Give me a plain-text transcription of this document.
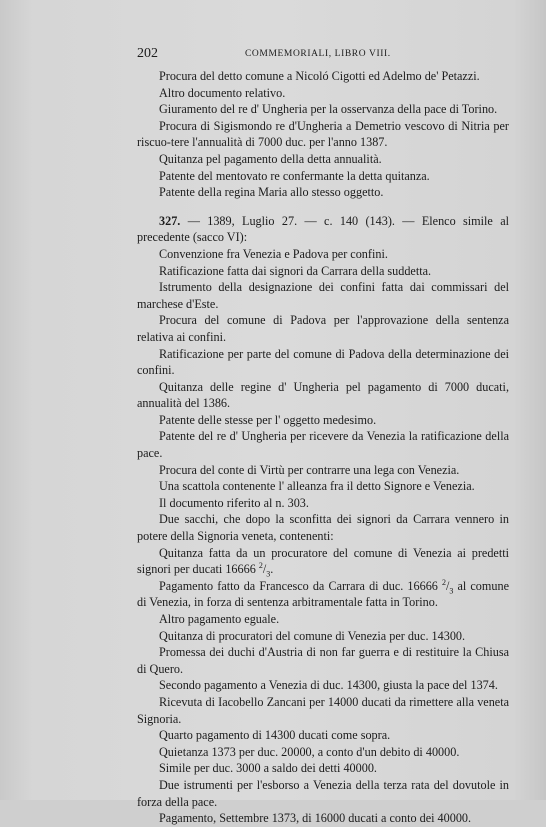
202	COMMEMORIALI, LIBRO VIII.

Procura del detto comune a Nicoló Cigotti ed Adelmo de' Petazzi.

Altro documento relativo.

Giuramento del re d' Ungheria per la osservanza della pace di Torino.

Procura di Sigismondo re d'Ungheria a Demetrio vescovo di Nitria per riscuo-tere l'annualità di 7000 duc. per l'anno 1387.

Quitanza pel pagamento della detta annualità.

Patente del mentovato re confermante la detta quitanza.

Patente della regina Maria allo stesso oggetto.

327. — 1389, Luglio 27. — c. 140 (143). — Elenco simile al precedente (sacco VI):

Convenzione fra Venezia e Padova per confini.

Ratificazione fatta dai signori da Carrara della suddetta.

Istrumento della designazione dei confini fatta dai commissari del marchese d'Este.

Procura del comune di Padova per l'approvazione della sentenza relativa ai confini.

Ratificazione per parte del comune di Padova della determinazione dei confini.

Quitanza delle regine d' Ungheria pel pagamento di 7000 ducati, annualità del 1386.

Patente delle stesse per l' oggetto medesimo.

Patente del re d' Ungheria per ricevere da Venezia la ratificazione della pace.

Procura del conte di Virtù per contrarre una lega con Venezia.

Una scattola contenente l' alleanza fra il detto Signore e Venezia.

Il documento riferito al n. 303.

Due sacchi, che dopo la sconfitta dei signori da Carrara vennero in potere della Signoria veneta, contenenti:

Quitanza fatta da un procuratore del comune di Venezia ai predetti signori per ducati 16666 $^2/_3$.

Pagamento fatto da Francesco da Carrara di duc. 16666 $^2/_3$ al comune di Venezia, in forza di sentenza arbitramentale fatta in Torino.

Altro pagamento eguale.

Quitanza di procuratori del comune di Venezia per duc. 14300.

Promessa dei duchi d'Austria di non far guerra e di restituire la Chiusa di Quero.

Secondo pagamento a Venezia di duc. 14300, giusta la pace del 1374.

Ricevuta di Iacobello Zancani per 14000 ducati da rimettere alla veneta Signoria.

Quarto pagamento di 14300 ducati come sopra.

Quietanza 1373 per duc. 20000, a conto d'un debito di 40000.

Simile per duc. 3000 a saldo dei detti 40000.

Due istrumenti per l'esborso a Venezia della terza rata del dovutole in forza della pace.

Pagamento, Settembre 1373, di 16000 ducati a conto dei 40000.
